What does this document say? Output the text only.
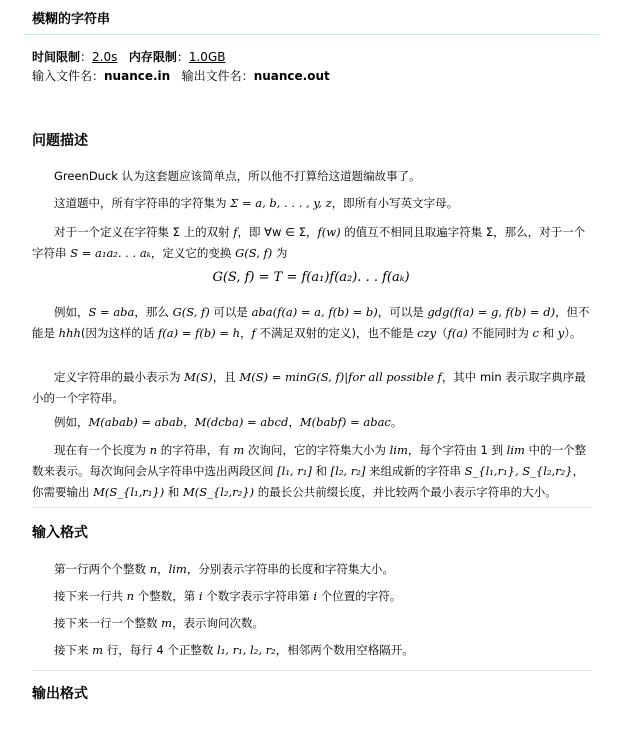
模糊的字符串
时间限制：2.0s 内存限制：1.0GB
输入文件名：nuance.in 输出文件名：nuance.out
问题描述
GreenDuck 认为这套题应该简单点，所以他不打算给这道题编故事了。
这道题中，所有字符串的字符集为 Σ = a, b, . . . , y, z，即所有小写英文字母。
对于一个定义在字符集 Σ 上的双射 f，即 ∀w ∈ Σ，f(w) 的值互不相同且取遍字符集 Σ，那么，对于一个字符串 S = a₁a₂. . . aₖ，定义它的变换 G(S, f) 为
G(S, f) = T = f(a₁)f(a₂). . . f(aₖ)
例如，S = aba，那么 G(S, f) 可以是 aba(f(a) = a, f(b) = b)，可以是 gdg(f(a) = g, f(b) = d)，但不能是 hhh(因为这样的话 f(a) = f(b) = h，f 不满足双射的定义)，也不能是 czy（f(a) 不能同时为 c 和 y）。
定义字符串的最小表示为 M(S)，且 M(S) = minG(S, f)|for all possible f，其中 min 表示取字典序最小的一个字符串。
例如，M(abab) = abab，M(dcba) = abcd，M(babf) = abac。
现在有一个长度为 n 的字符串，有 m 次询问，它的字符集大小为 lim，每个字符由 1 到 lim 中的一个整数来表示。每次询问会从字符串中选出两段区间 [l₁, r₁] 和 [l₂, r₂] 来组成新的字符串 S_{l₁,r₁}, S_{l₂,r₂}，你需要输出 M(S_{l₁,r₁}) 和 M(S_{l₂,r₂}) 的最长公共前缀长度，并比较两个最小表示字符串的大小。
输入格式
第一行两个个整数 n，lim，分别表示字符串的长度和字符集大小。
接下来一行共 n 个整数，第 i 个数字表示字符串第 i 个位置的字符。
接下来一行一个整数 m，表示询问次数。
接下来 m 行，每行 4 个正整数 l₁, r₁, l₂, r₂，相邻两个数用空格隔开。
输出格式
